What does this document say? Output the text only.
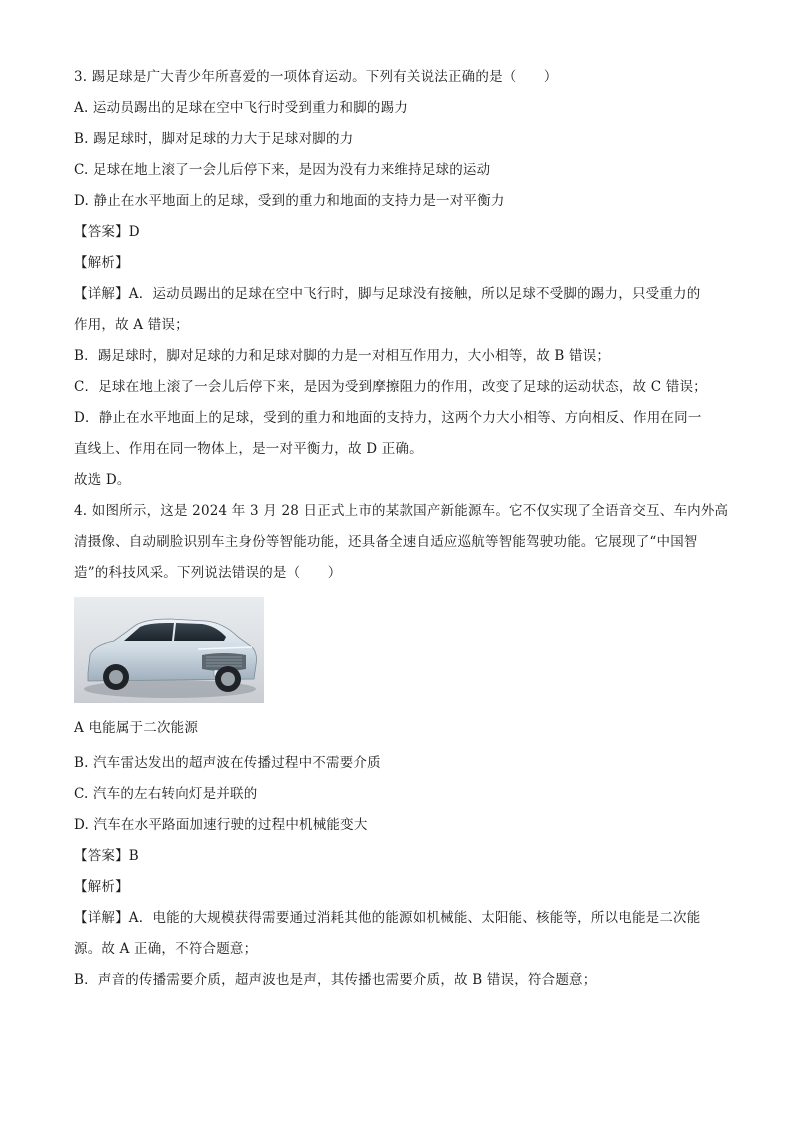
3. 踢足球是广大青少年所喜爱的一项体育运动。下列有关说法正确的是（　　）
A. 运动员踢出的足球在空中飞行时受到重力和脚的踢力
B. 踢足球时，脚对足球的力大于足球对脚的力
C. 足球在地上滚了一会儿后停下来，是因为没有力来维持足球的运动
D. 静止在水平地面上的足球，受到的重力和地面的支持力是一对平衡力
【答案】D
【解析】
【详解】A．运动员踢出的足球在空中飞行时，脚与足球没有接触，所以足球不受脚的踢力，只受重力的
作用，故 A 错误；
B．踢足球时，脚对足球的力和足球对脚的力是一对相互作用力，大小相等，故 B 错误；
C．足球在地上滚了一会儿后停下来，是因为受到摩擦阻力的作用，改变了足球的运动状态，故 C 错误；
D．静止在水平地面上的足球，受到的重力和地面的支持力，这两个力大小相等、方向相反、作用在同一
直线上、作用在同一物体上，是一对平衡力，故 D 正确。
故选 D。
4. 如图所示，这是 2024 年 3 月 28 日正式上市的某款国产新能源车。它不仅实现了全语音交互、车内外高
清摄像、自动刷脸识别车主身份等智能功能，还具备全速自适应巡航等智能驾驶功能。它展现了“中国智
造”的科技风采。下列说法错误的是（　　）
A 电能属于二次能源
B. 汽车雷达发出的超声波在传播过程中不需要介质
C. 汽车的左右转向灯是并联的
D. 汽车在水平路面加速行驶的过程中机械能变大
【答案】B
【解析】
【详解】A．电能的大规模获得需要通过消耗其他的能源如机械能、太阳能、核能等，所以电能是二次能
源。故 A 正确，不符合题意；
B．声音的传播需要介质，超声波也是声，其传播也需要介质，故 B 错误，符合题意；
